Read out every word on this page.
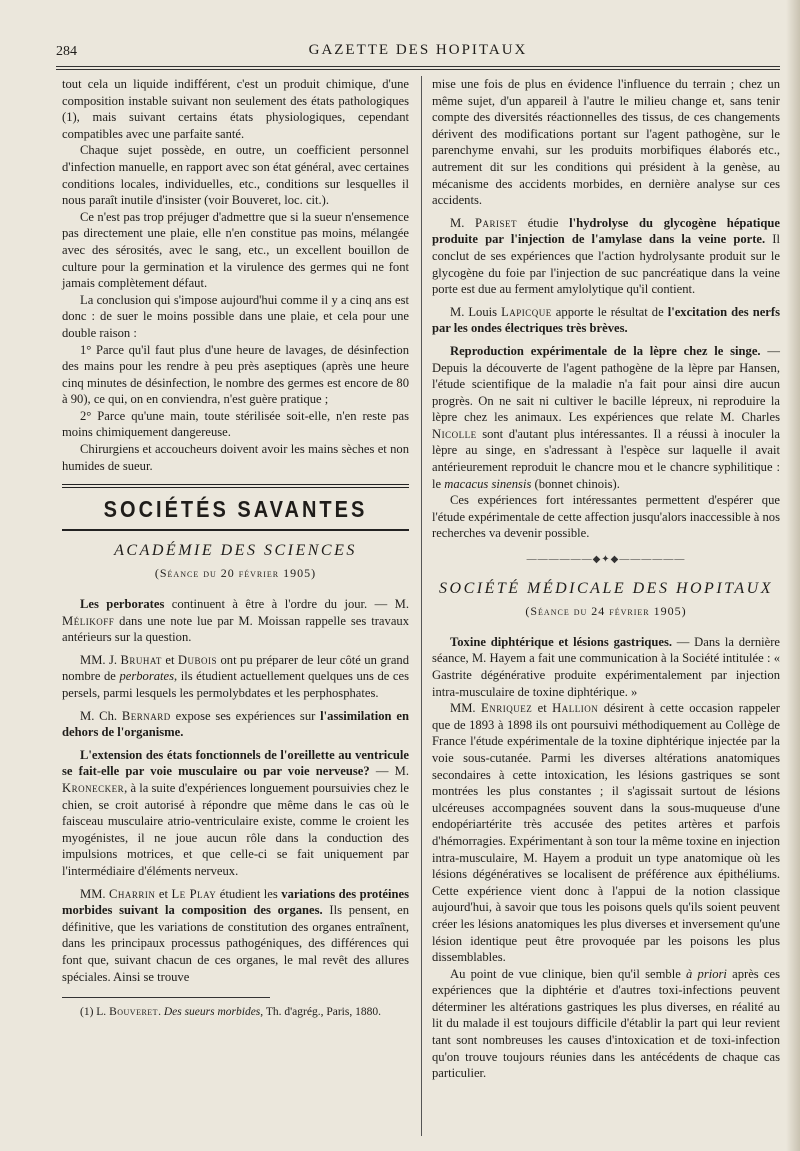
284	GAZETTE DES HOPITAUX

tout cela un liquide indifférent, c'est un produit chimique, d'une composition instable suivant non seulement des états pathologiques (1), mais suivant certains états physiologiques, cependant compatibles avec une parfaite santé.

Chaque sujet possède, en outre, un coefficient personnel d'infection manuelle, en rapport avec son état général, avec certaines conditions locales, individuelles, etc., conditions sur lesquelles il nous paraît inutile d'insister (voir Bouveret, loc. cit.).

Ce n'est pas trop préjuger d'admettre que si la sueur n'ensemence pas directement une plaie, elle n'en constitue pas moins, mélangée avec des sérosités, avec le sang, etc., un excellent bouillon de culture pour la germination et la virulence des germes qui ne font jamais complètement défaut.

La conclusion qui s'impose aujourd'hui comme il y a cinq ans est donc : de suer le moins possible dans une plaie, et cela pour une double raison :

1° Parce qu'il faut plus d'une heure de lavages, de désinfection des mains pour les rendre à peu près aseptiques (après une heure cinq minutes de désinfection, le nombre des germes est encore de 80 à 90), ce qui, on en conviendra, n'est guère pratique ;

2° Parce qu'une main, toute stérilisée soit-elle, n'en reste pas moins chimiquement dangereuse.

Chirurgiens et accoucheurs doivent avoir les mains sèches et non humides de sueur.

SOCIÉTÉS SAVANTES
ACADÉMIE DES SCIENCES
(Séance du 20 février 1905)

Les perborates continuent à être à l'ordre du jour. — M. Mélikoff dans une note lue par M. Moissan rappelle ses travaux antérieurs sur la question.

MM. J. Bruhat et Dubois ont pu préparer de leur côté un grand nombre de perborates, ils étudient actuellement quelques uns de ces persels, parmi lesquels les permolybdates et les perphosphates.

M. Ch. Bernard expose ses expériences sur l'assimilation en dehors de l'organisme.

L'extension des états fonctionnels de l'oreillette au ventricule se fait-elle par voie musculaire ou par voie nerveuse? — M. Kronecker, à la suite d'expériences longuement poursuivies chez le chien, se croit autorisé à répondre que même dans le cas où le faisceau musculaire atrio-ventriculaire existe, comme le croient les myogénistes, il ne joue aucun rôle dans la conduction des impulsions motrices, et que celle-ci se fait uniquement par l'intermédiaire d'éléments nerveux.

MM. Charrin et Le Play étudient les variations des protéines morbides suivant la composition des organes. Ils pensent, en définitive, que les variations de constitution des organes entraînent, dans les principaux processus pathogéniques, des différences qui font que, suivant chacun de ces organes, le mal revêt des allures spéciales. Ainsi se trouve

(1) L. Bouveret. Des sueurs morbides, Th. d'agrég., Paris, 1880.

mise une fois de plus en évidence l'influence du terrain ; chez un même sujet, d'un appareil à l'autre le milieu change et, sans tenir compte des diversités réactionnelles des tissus, de ces changements dérivent des modifications portant sur l'agent pathogène, sur le parenchyme envahi, sur les produits morbifiques élaborés etc., autrement dit sur les conditions qui président à la genèse, au mécanisme des accidents morbides, en dernière analyse sur ces accidents.

M. Pariset étudie l'hydrolyse du glycogène hépatique produite par l'injection de l'amylase dans la veine porte. Il conclut de ses expériences que l'action hydrolysante produit sur le glycogène du foie par l'injection de suc pancréatique dans la veine porte est due au ferment amylolytique qu'il contient.

M. Louis Lapicque apporte le résultat de l'excitation des nerfs par les ondes électriques très brèves.

Reproduction expérimentale de la lèpre chez le singe. — Depuis la découverte de l'agent pathogène de la lèpre par Hansen, l'étude scientifique de la maladie n'a fait pour ainsi dire aucun progrès. On ne sait ni cultiver le bacille lépreux, ni reproduire la lèpre chez les animaux. Les expériences que relate M. Charles Nicolle sont d'autant plus intéressantes. Il a réussi à inoculer la lèpre au singe, en s'adressant à l'espèce sur laquelle il avait antérieurement reproduit le chancre mou et le chancre syphilitique : le macacus sinensis (bonnet chinois).

Ces expériences fort intéressantes permettent d'espérer que l'étude expérimentale de cette affection jusqu'alors inaccessible à nos recherches va devenir possible.

——————◆✦◆——————
SOCIÉTÉ MÉDICALE DES HOPITAUX
(Séance du 24 février 1905)

Toxine diphtérique et lésions gastriques. — Dans la dernière séance, M. Hayem a fait une communication à la Société intitulée : « Gastrite dégénérative produite expérimentalement par injection intra-musculaire de toxine diphtérique. »

MM. Enriquez et Hallion désirent à cette occasion rappeler que de 1893 à 1898 ils ont poursuivi méthodiquement au Collège de France l'étude expérimentale de la toxine diphtérique injectée par la voie sous-cutanée. Parmi les diverses altérations anatomiques secondaires à cette intoxication, les lésions gastriques se sont montrées les plus constantes ; il s'agissait surtout de lésions ulcéreuses accompagnées souvent dans la sous-muqueuse d'une endopériartérite très accusée des petites artères et parfois d'hémorragies. Expérimentant à son tour la même toxine en injection intra-musculaire, M. Hayem a produit un type anatomique où les lésions dégénératives se localisent de préférence aux épithéliums. Cette expérience vient donc à l'appui de la notion classique aujourd'hui, à savoir que tous les poisons quels qu'ils soient peuvent créer les lésions anatomiques les plus diverses et inversement qu'une lésion identique peut être provoquée par les poisons les plus dissemblables.

Au point de vue clinique, bien qu'il semble à priori après ces expériences que la diphtérie et d'autres toxi-infections peuvent déterminer les altérations gastriques les plus diverses, en réalité au lit du malade il est toujours difficile d'établir la part qui leur revient tant sont nombreuses les causes d'intoxication et de toxi-infection qu'on trouve toujours réunies dans les antécédents de chaque cas particulier.
